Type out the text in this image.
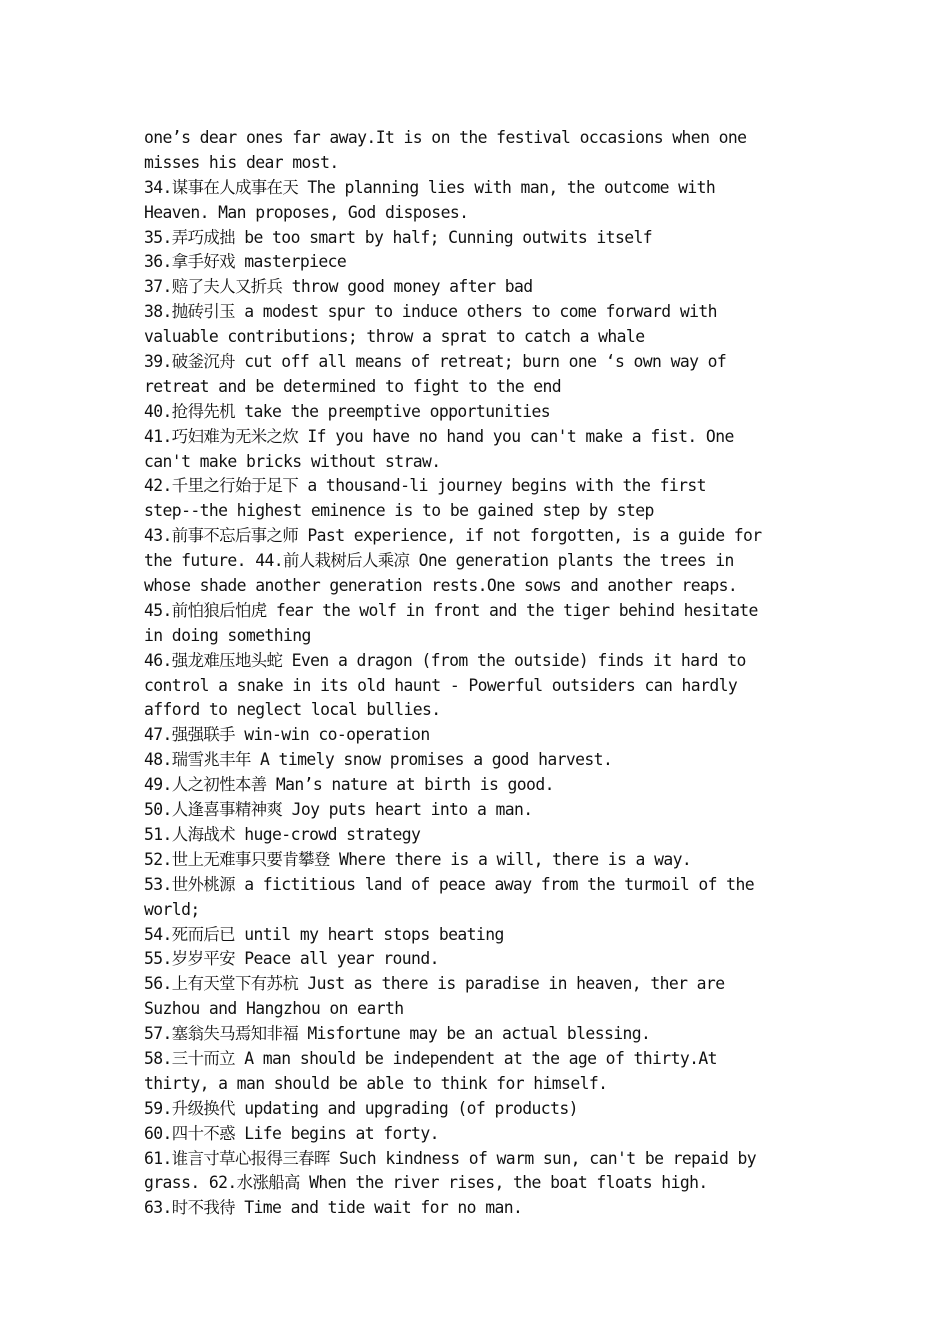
one’s dear ones far away.It is on the festival occasions when one
misses his dear most.
34.谋事在人成事在天 The planning lies with man, the outcome with
Heaven. Man proposes, God disposes.
35.弄巧成拙 be too smart by half; Cunning outwits itself
36.拿手好戏 masterpiece
37.赔了夫人又折兵 throw good money after bad
38.抛砖引玉 a modest spur to induce others to come forward with
valuable contributions; throw a sprat to catch a whale
39.破釜沉舟 cut off all means of retreat; burn one ‘s own way of
retreat and be determined to fight to the end
40.抢得先机 take the preemptive opportunities
41.巧妇难为无米之炊 If you have no hand you can't make a fist. One
can't make bricks without straw.
42.千里之行始于足下 a thousand-li journey begins with the first
step--the highest eminence is to be gained step by step
43.前事不忘后事之师 Past experience, if not forgotten, is a guide for
the future. 44.前人栽树后人乘凉 One generation plants the trees in
whose shade another generation rests.One sows and another reaps.
45.前怕狼后怕虎 fear the wolf in front and the tiger behind hesitate
in doing something
46.强龙难压地头蛇 Even a dragon (from the outside) finds it hard to
control a snake in its old haunt - Powerful outsiders can hardly
afford to neglect local bullies.
47.强强联手 win-win co-operation
48.瑞雪兆丰年 A timely snow promises a good harvest.
49.人之初性本善 Man’s nature at birth is good.
50.人逢喜事精神爽 Joy puts heart into a man.
51.人海战术 huge-crowd strategy
52.世上无难事只要肯攀登 Where there is a will, there is a way.
53.世外桃源 a fictitious land of peace away from the turmoil of the
world;
54.死而后已 until my heart stops beating
55.岁岁平安 Peace all year round.
56.上有天堂下有苏杭 Just as there is paradise in heaven, ther are
Suzhou and Hangzhou on earth
57.塞翁失马焉知非福 Misfortune may be an actual blessing.
58.三十而立 A man should be independent at the age of thirty.At
thirty, a man should be able to think for himself.
59.升级换代 updating and upgrading (of products)
60.四十不惑 Life begins at forty.
61.谁言寸草心报得三春晖 Such kindness of warm sun, can't be repaid by
grass. 62.水涨船高 When the river rises, the boat floats high.
63.时不我待 Time and tide wait for no man.
